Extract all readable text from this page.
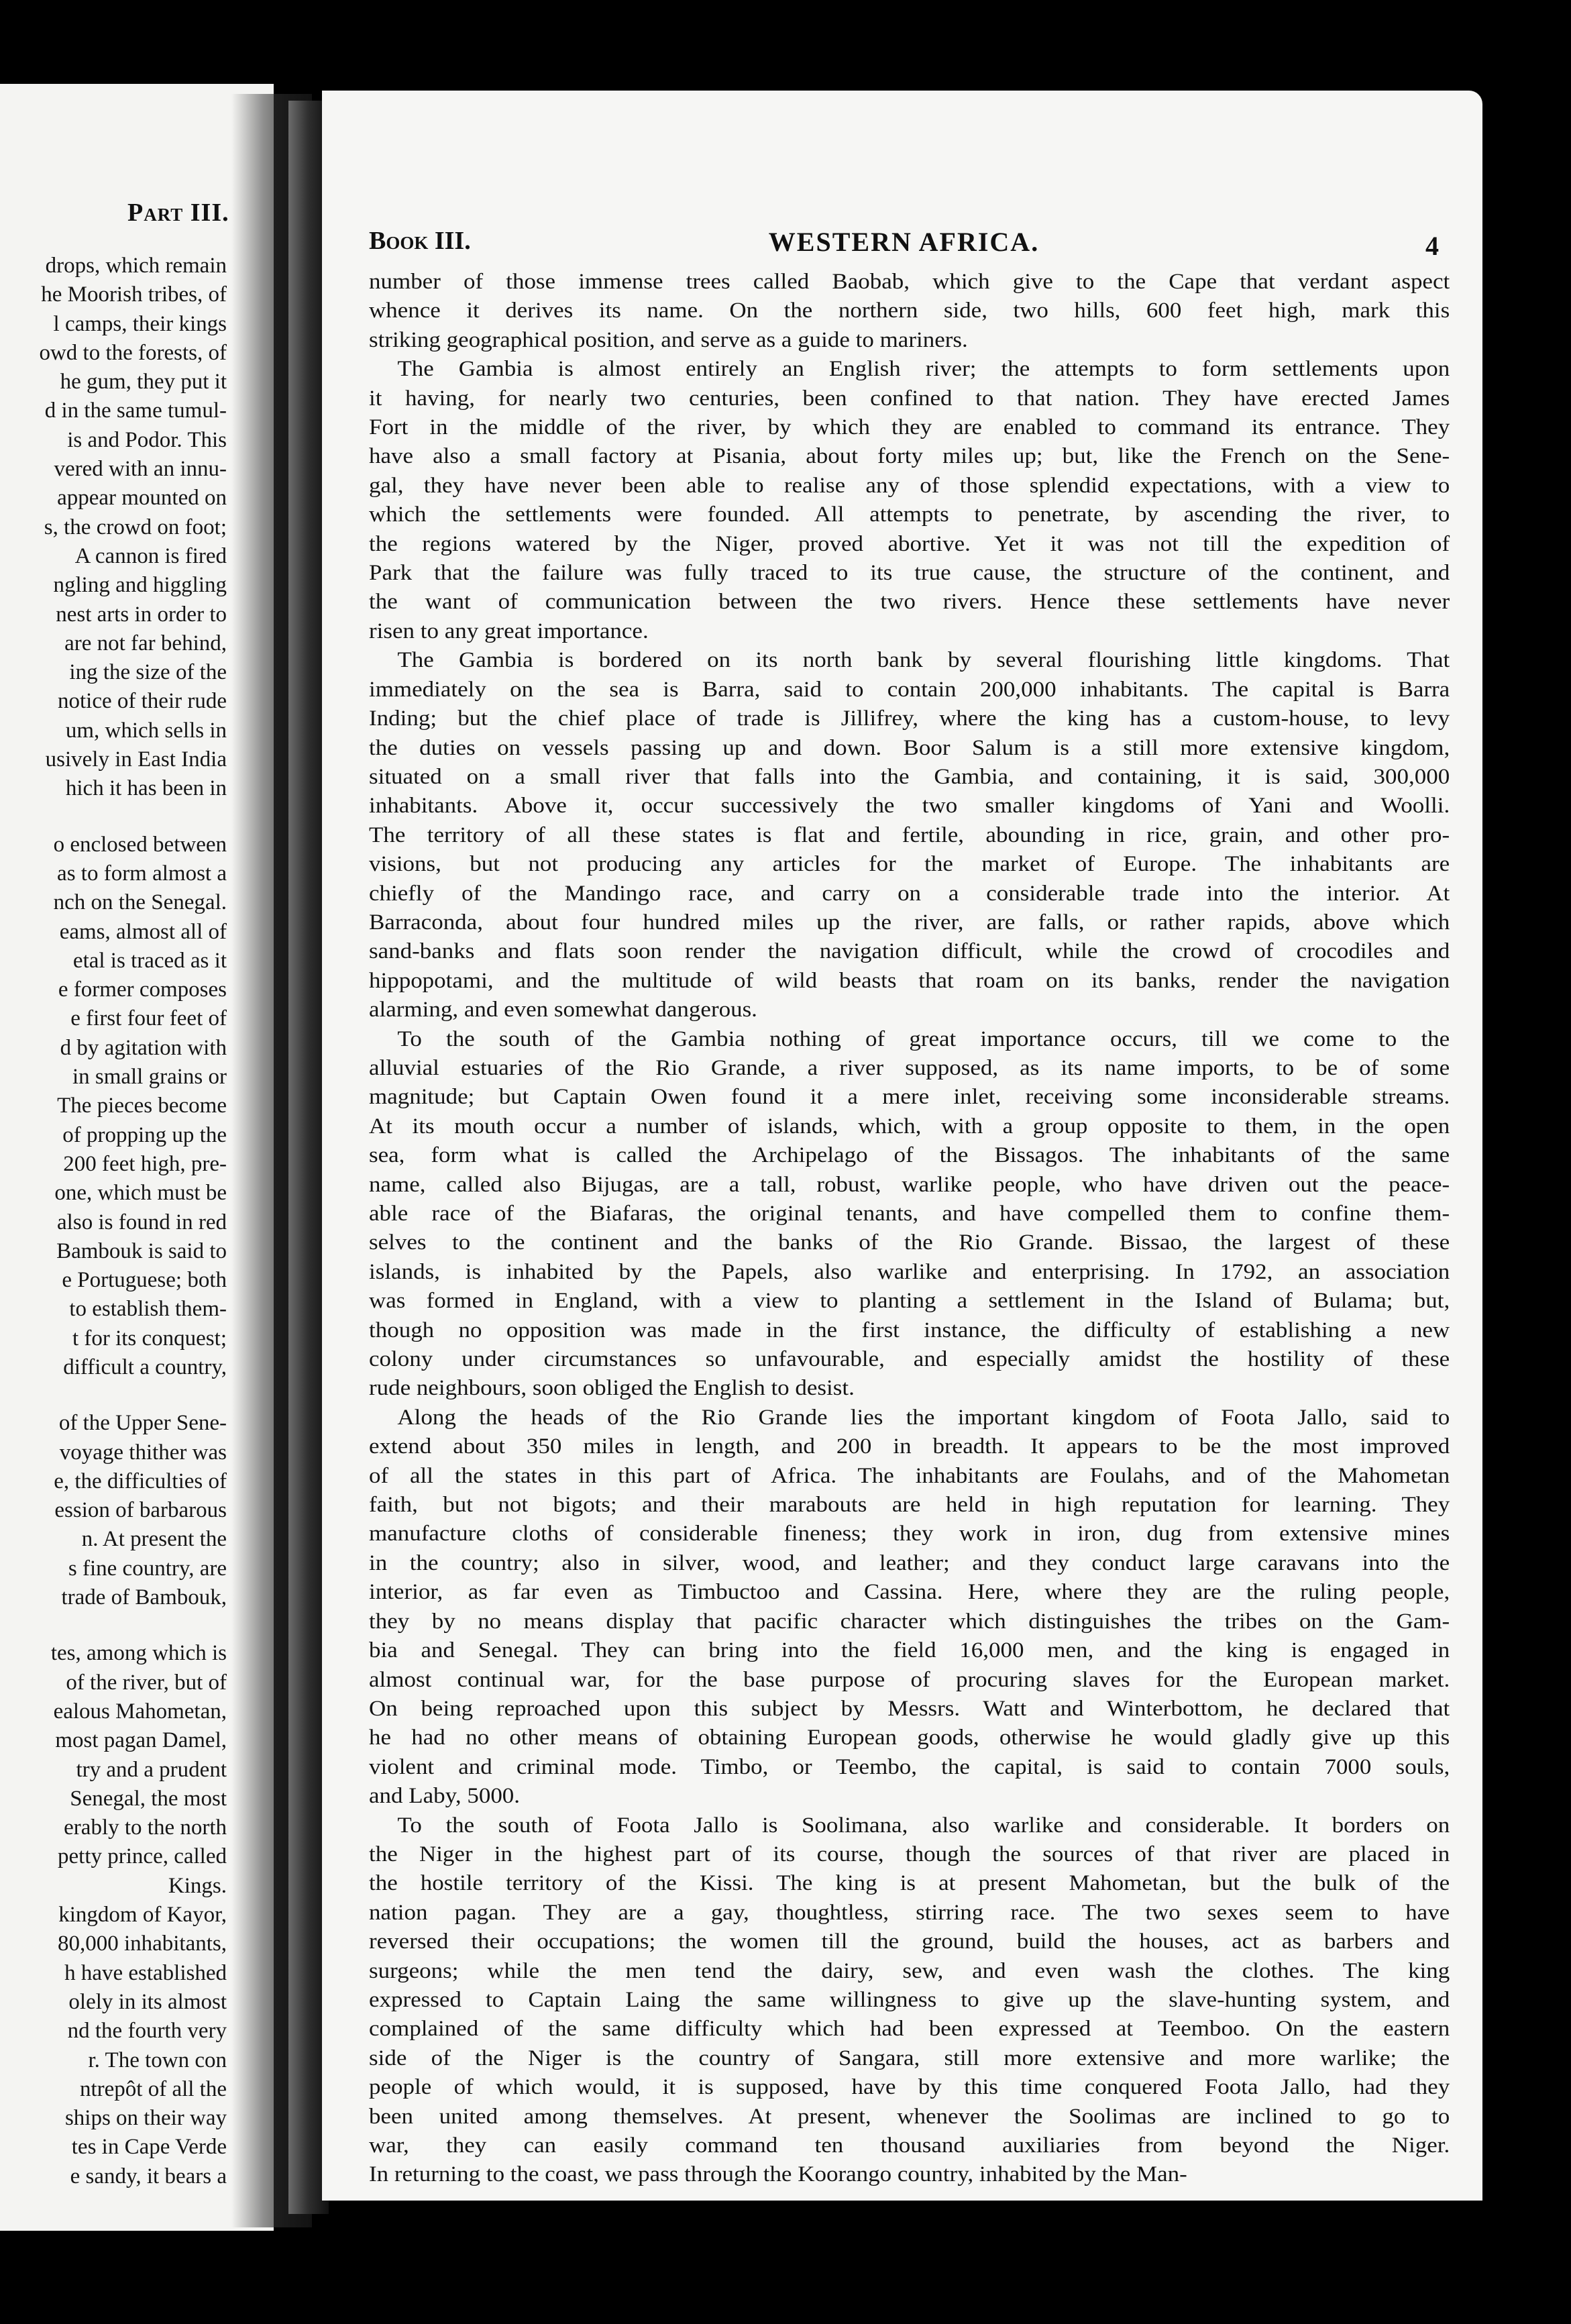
Part III.
drops, which remain
he Moorish tribes, of
l camps, their kings
owd to the forests, of
he gum, they put it
d in the same tumul-
is and Podor. This
vered with an innu-
appear mounted on
s, the crowd on foot;
A cannon is fired
ngling and higgling
nest arts in order to
are not far behind,
ing the size of the
notice of their rude
um, which sells in
usively in East India
hich it has been in
o enclosed between
as to form almost a
nch on the Senegal.
eams, almost all of
etal is traced as it
e former composes
e first four feet of
d by agitation with
in small grains or
The pieces become
of propping up the
200 feet high, pre-
one, which must be
also is found in red
Bambouk is said to
e Portuguese; both
to establish them-
t for its conquest;
difficult a country,
of the Upper Sene-
voyage thither was
e, the difficulties of
ession of barbarous
n. At present the
s fine country, are
trade of Bambouk,
tes, among which is
of the river, but of
ealous Mahometan,
most pagan Damel,
try and a prudent
Senegal, the most
erably to the north
petty prince, called
Kings.
kingdom of Kayor,
80,000 inhabitants,
h have established
olely in its almost
nd the fourth very
r. The town con
ntrepôt of all the
ships on their way
tes in Cape Verde
e sandy, it bears a
Book III.	WESTERN AFRICA.	4
number of those immense trees called Baobab, which give to the Cape that verdant aspect
whence it derives its name. On the northern side, two hills, 600 feet high, mark this
striking geographical position, and serve as a guide to mariners.
The Gambia is almost entirely an English river; the attempts to form settlements upon
it having, for nearly two centuries, been confined to that nation. They have erected James
Fort in the middle of the river, by which they are enabled to command its entrance. They
have also a small factory at Pisania, about forty miles up; but, like the French on the Sene-
gal, they have never been able to realise any of those splendid expectations, with a view to
which the settlements were founded. All attempts to penetrate, by ascending the river, to
the regions watered by the Niger, proved abortive. Yet it was not till the expedition of
Park that the failure was fully traced to its true cause, the structure of the continent, and
the want of communication between the two rivers. Hence these settlements have never
risen to any great importance.
The Gambia is bordered on its north bank by several flourishing little kingdoms. That
immediately on the sea is Barra, said to contain 200,000 inhabitants. The capital is Barra
Inding; but the chief place of trade is Jillifrey, where the king has a custom-house, to levy
the duties on vessels passing up and down. Boor Salum is a still more extensive kingdom,
situated on a small river that falls into the Gambia, and containing, it is said, 300,000
inhabitants. Above it, occur successively the two smaller kingdoms of Yani and Woolli.
The territory of all these states is flat and fertile, abounding in rice, grain, and other pro-
visions, but not producing any articles for the market of Europe. The inhabitants are
chiefly of the Mandingo race, and carry on a considerable trade into the interior. At
Barraconda, about four hundred miles up the river, are falls, or rather rapids, above which
sand-banks and flats soon render the navigation difficult, while the crowd of crocodiles and
hippopotami, and the multitude of wild beasts that roam on its banks, render the navigation
alarming, and even somewhat dangerous.
To the south of the Gambia nothing of great importance occurs, till we come to the
alluvial estuaries of the Rio Grande, a river supposed, as its name imports, to be of some
magnitude; but Captain Owen found it a mere inlet, receiving some inconsiderable streams.
At its mouth occur a number of islands, which, with a group opposite to them, in the open
sea, form what is called the Archipelago of the Bissagos. The inhabitants of the same
name, called also Bijugas, are a tall, robust, warlike people, who have driven out the peace-
able race of the Biafaras, the original tenants, and have compelled them to confine them-
selves to the continent and the banks of the Rio Grande. Bissao, the largest of these
islands, is inhabited by the Papels, also warlike and enterprising. In 1792, an association
was formed in England, with a view to planting a settlement in the Island of Bulama; but,
though no opposition was made in the first instance, the difficulty of establishing a new
colony under circumstances so unfavourable, and especially amidst the hostility of these
rude neighbours, soon obliged the English to desist.
Along the heads of the Rio Grande lies the important kingdom of Foota Jallo, said to
extend about 350 miles in length, and 200 in breadth. It appears to be the most improved
of all the states in this part of Africa. The inhabitants are Foulahs, and of the Mahometan
faith, but not bigots; and their marabouts are held in high reputation for learning. They
manufacture cloths of considerable fineness; they work in iron, dug from extensive mines
in the country; also in silver, wood, and leather; and they conduct large caravans into the
interior, as far even as Timbuctoo and Cassina. Here, where they are the ruling people,
they by no means display that pacific character which distinguishes the tribes on the Gam-
bia and Senegal. They can bring into the field 16,000 men, and the king is engaged in
almost continual war, for the base purpose of procuring slaves for the European market.
On being reproached upon this subject by Messrs. Watt and Winterbottom, he declared that
he had no other means of obtaining European goods, otherwise he would gladly give up this
violent and criminal mode. Timbo, or Teembo, the capital, is said to contain 7000 souls,
and Laby, 5000.
To the south of Foota Jallo is Soolimana, also warlike and considerable. It borders on
the Niger in the highest part of its course, though the sources of that river are placed in
the hostile territory of the Kissi. The king is at present Mahometan, but the bulk of the
nation pagan. They are a gay, thoughtless, stirring race. The two sexes seem to have
reversed their occupations; the women till the ground, build the houses, act as barbers and
surgeons; while the men tend the dairy, sew, and even wash the clothes. The king
expressed to Captain Laing the same willingness to give up the slave-hunting system, and
complained of the same difficulty which had been expressed at Teemboo. On the eastern
side of the Niger is the country of Sangara, still more extensive and more warlike; the
people of which would, it is supposed, have by this time conquered Foota Jallo, had they
been united among themselves. At present, whenever the Soolimas are inclined to go to
war, they can easily command ten thousand auxiliaries from beyond the Niger.
In returning to the coast, we pass through the Koorango country, inhabited by the Man-
